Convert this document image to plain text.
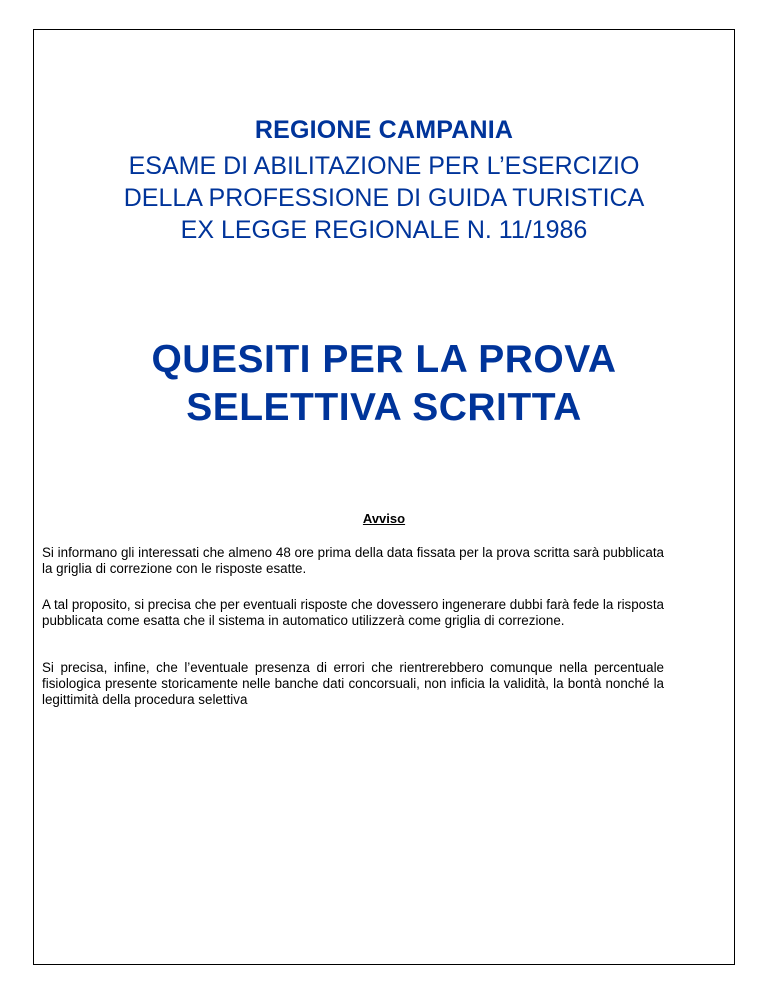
REGIONE CAMPANIA
ESAME DI ABILITAZIONE PER L’ESERCIZIO
DELLA PROFESSIONE DI GUIDA TURISTICA
EX LEGGE REGIONALE N. 11/1986
QUESITI PER LA PROVA
SELETTIVA SCRITTA
Avviso

Si informano gli interessati che almeno 48 ore prima della data fissata per la prova scritta sarà pubblicata la griglia di correzione con le risposte esatte.

A tal proposito, si precisa che per eventuali risposte che dovessero ingenerare dubbi farà fede la risposta pubblicata come esatta che il sistema in automatico utilizzerà come griglia di correzione.

Si precisa, infine, che l’eventuale presenza di errori che rientrerebbero comunque nella percentuale fisiologica presente storicamente nelle banche dati concorsuali, non inficia la validità, la bontà nonché la legittimità della procedura selettiva
